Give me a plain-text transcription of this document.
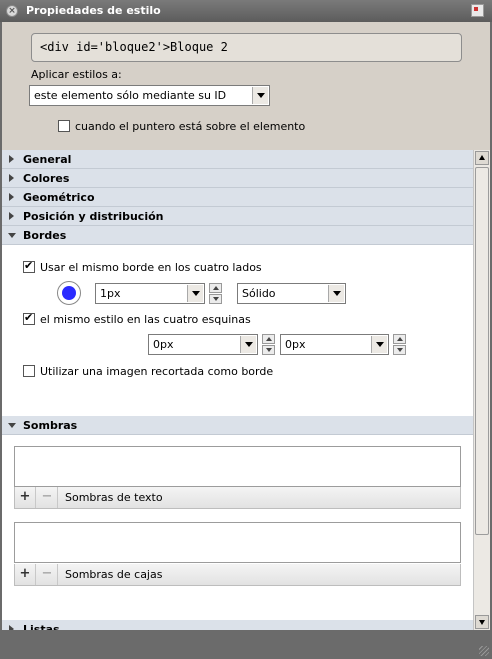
× Propiedades de estilo
<div id='bloque2'>Bloque 2
Aplicar estilos a:
este elemento sólo mediante su ID
cuando el puntero está sobre el elemento
General
Colores
Geométrico
Posición y distribución
Bordes
✔
Usar el mismo borde en los cuatro lados
1px	Sólido
✔
el mismo estilo en las cuatro esquinas
0px	0px
Utilizar una imagen recortada como borde
Sombras
+ −	Sombras de texto
+ −	Sombras de cajas
